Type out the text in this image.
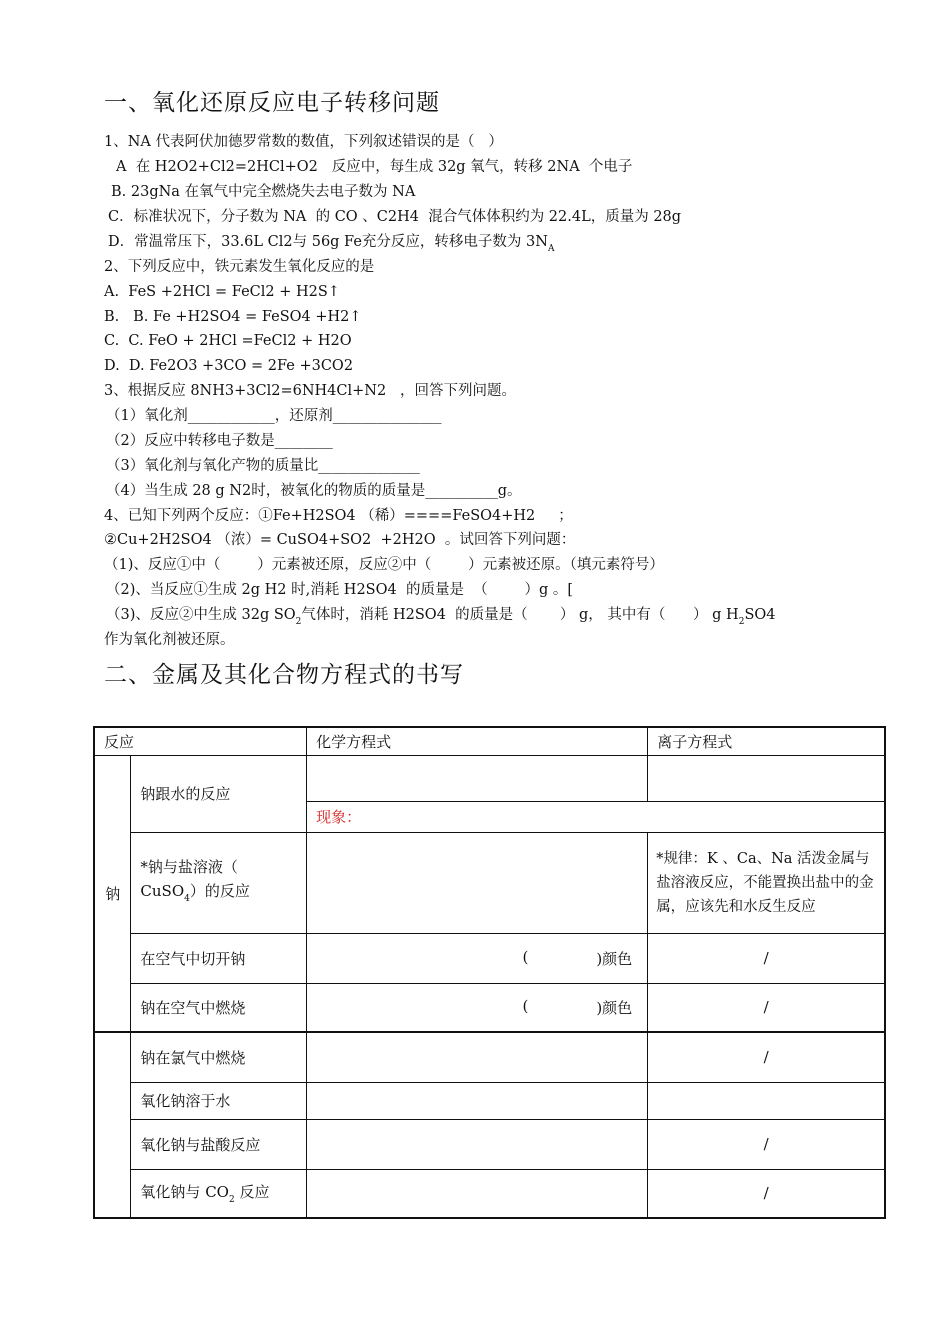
一、氧化还原反应电子转移问题
1、NA 代表阿伏加德罗常数的数值，下列叙述错误的是（   ）
A  在 H2O2+Cl2=2HCl+O2   反应中，每生成 32g 氧气，转移 2NA  个电子
B. 23gNa 在氧气中完全燃烧失去电子数为 NA
C．标准状况下，分子数为 NA  的 CO 、C2H4  混合气体体积约为 22.4L，质量为 28g
D．常温常压下，33.6L Cl2与 56g Fe充分反应，转移电子数为 $3N_A$
2、下列反应中，铁元素发生氧化反应的是
A.  FeS +2HCl = FeCl2 + H2S↑
B.   B. Fe +H2SO4 = FeSO4 +H2↑
C.  C. FeO + 2HCl =FeCl2 + H2O
D.  D. Fe2O3 +3CO = 2Fe +3CO2
3、根据反应 8NH3+3Cl2=6NH4Cl+N2   ，回答下列问题。
（1）氧化剂____________，还原剂_______________
（2）反应中转移电子数是________
（3）氧化剂与氧化产物的质量比______________
（4）当生成 28 g N2时，被氧化的物质的质量是__________g。
4、已知下列两个反应：①Fe+H2SO4 （稀）====FeSO4+H2     ；
②Cu+2H2SO4 （浓）= CuSO4+SO2  +2H2O  。试回答下列问题：
（1)、反应①中（        ）元素被还原，反应②中（        ）元素被还原。（填元素符号）
（2)、当反应①生成 2g H2 时,消耗 H2SO4  的质量是  （        ）g 。[
（3)、反应②中生成 32g $SO_2$气体时，消耗 H2SO4  的质量是（       ） g， 其中有（      ） g $H_2SO4$
作为氧化剂被还原。
二、金属及其化合物方程式的书写
反应		化学方程式	离子方程式
钠	钠跟水的反应		
		现象：	
	*钠与盐溶液（ CuSO$_4$）的反应		*规律：K 、Ca、Na 活泼金属与盐溶液反应，不能置换出盐中的金属，应该先和水反生反应
	在空气中切开钠	( )颜色	/
	钠在空气中燃烧	( )颜色	/
	钠在氯气中燃烧		/
	氧化钠溶于水		
	氧化钠与盐酸反应		/
	氧化钠与 $CO_2$ 反应		/
